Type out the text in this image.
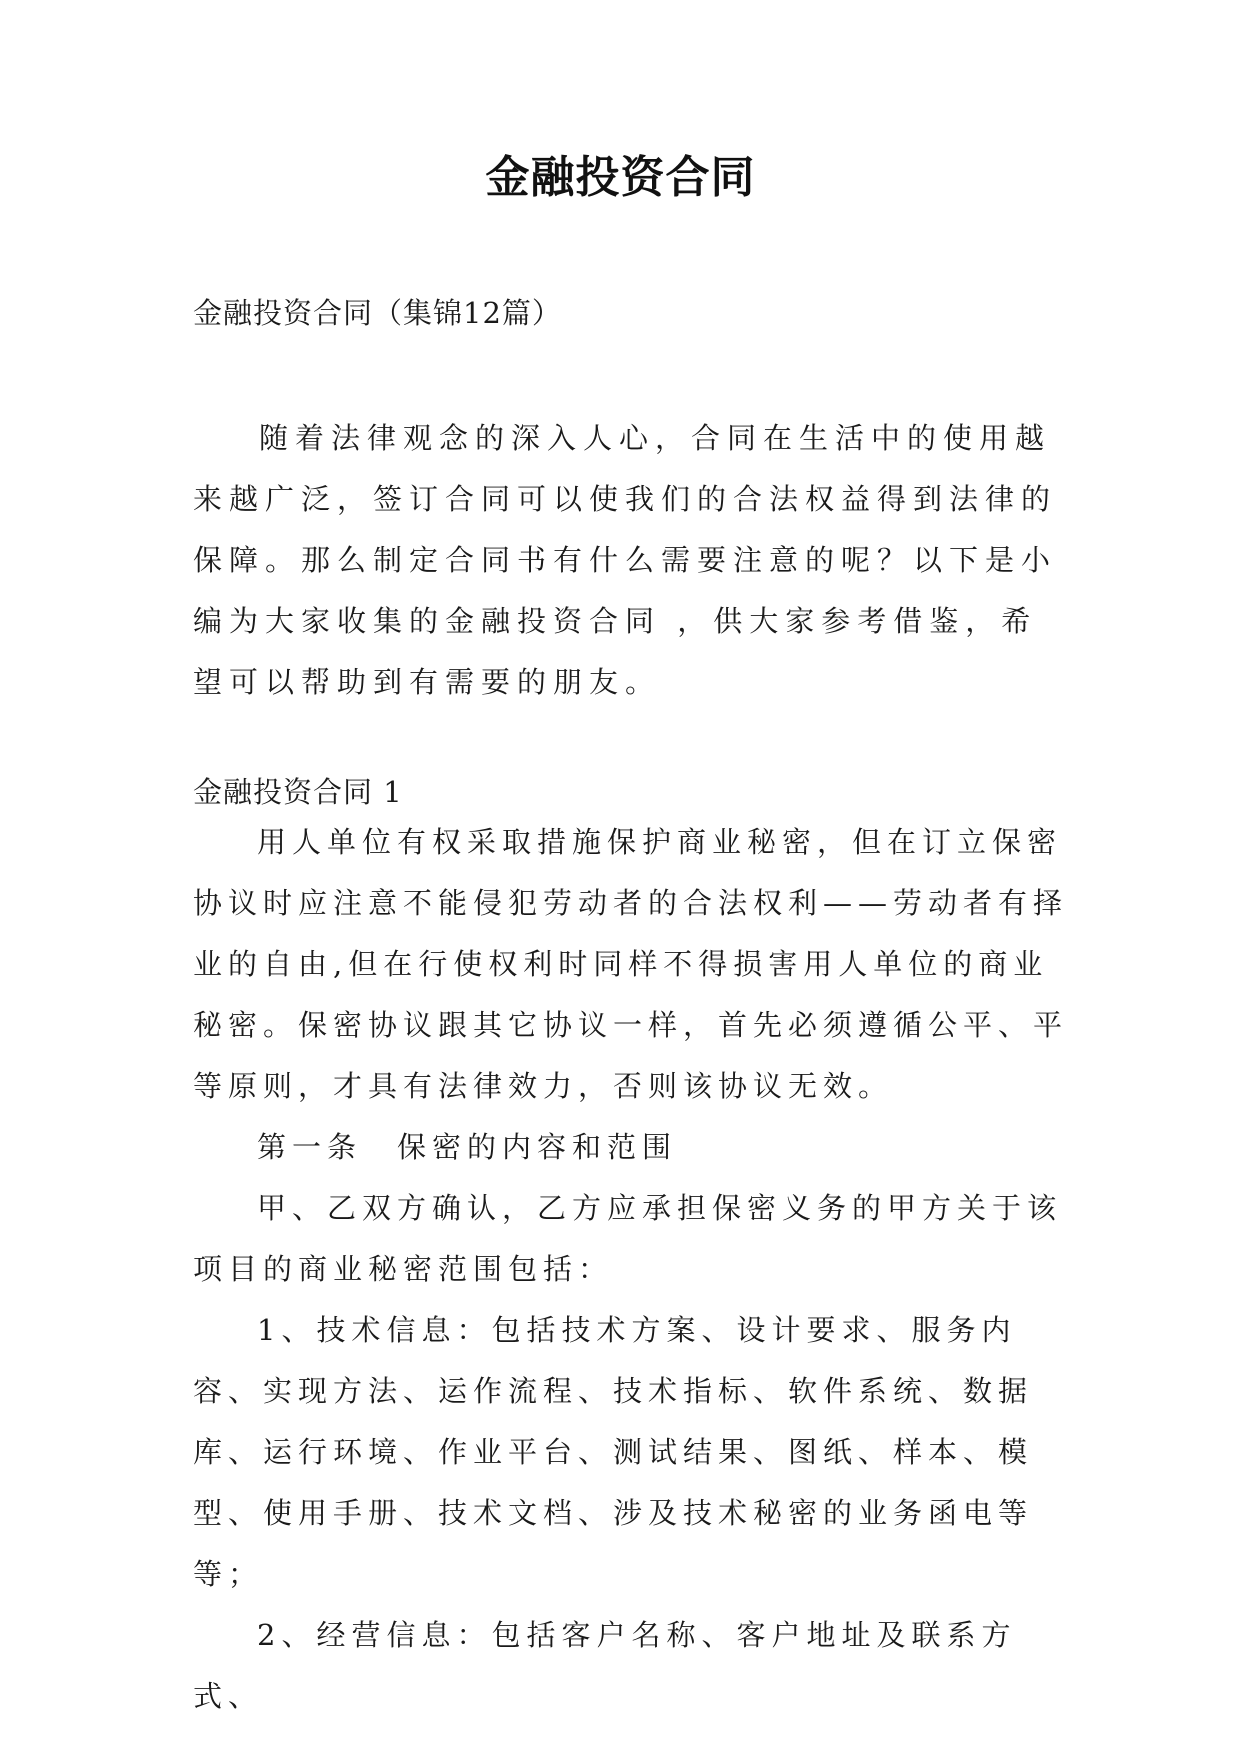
金融投资合同
金融投资合同（集锦12篇）

随着法律观念的深入人心，合同在生活中的使用越来越广泛，签订合同可以使我们的合法权益得到法律的保障。那么制定合同书有什么需要注意的呢？以下是小编为大家收集的金融投资合同 ，供大家参考借鉴，希望可以帮助到有需要的朋友。

金融投资合同 1

用人单位有权采取措施保护商业秘密，但在订立保密协议时应注意不能侵犯劳动者的合法权利——劳动者有择业的自由,但在行使权利时同样不得损害用人单位的商业秘密。保密协议跟其它协议一样，首先必须遵循公平、平等原则，才具有法律效力，否则该协议无效。

第一条　保密的内容和范围

甲、乙双方确认，乙方应承担保密义务的甲方关于该项目的商业秘密范围包括：

1、技术信息：包括技术方案、设计要求、服务内容、实现方法、运作流程、技术指标、软件系统、数据库、运行环境、作业平台、测试结果、图纸、样本、模型、使用手册、技术文档、涉及技术秘密的业务函电等等；

2、经营信息：包括客户名称、客户地址及联系方式、
